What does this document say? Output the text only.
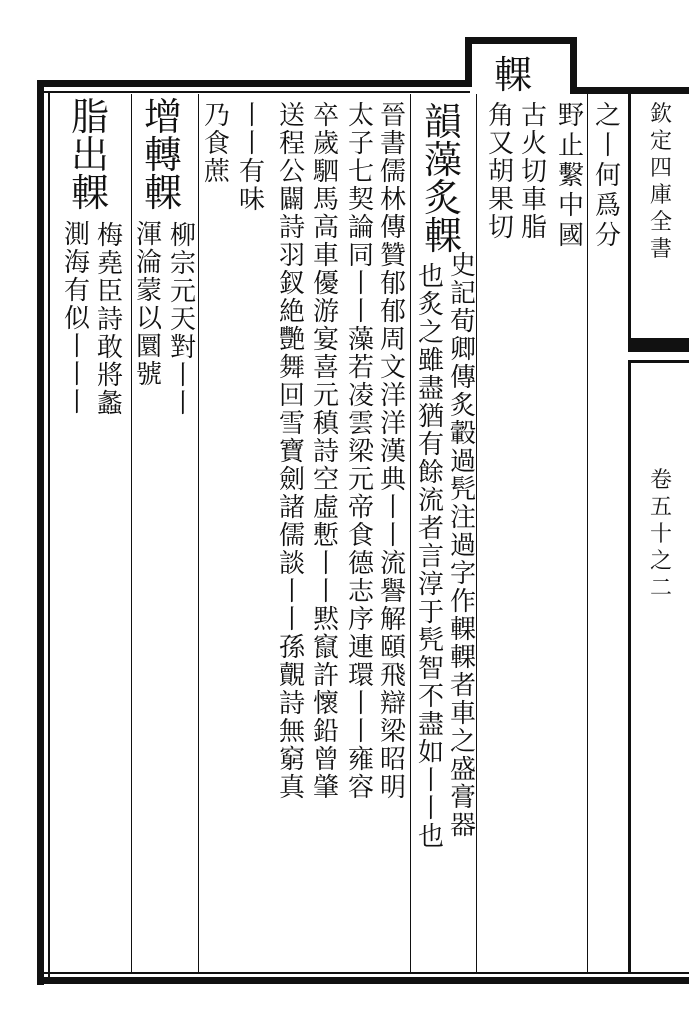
欽
定
四
庫
全
書
卷
五
十
之
二
之
丨
何
爲
分
野
止
繫
中
國
輠
古
火
切
車
脂
角
又
胡
果
切
韻
藻
炙
輠
史
記
荀
卿
傳
炙
轂
過
髠
注
過
字
作
輠
輠
者
車
之
盛
膏
器
也
炙
之
雖
盡
猶
有
餘
流
者
言
淳
于
髠
智
不
盡
如
丨
丨
也
晉
書
儒
林
傳
贊
郁
郁
周
文
洋
洋
漢
典
丨
丨
流
譽
解
頤
飛
辯
梁
昭
明
太
子
七
契
論
同
丨
丨
藻
若
凌
雲
梁
元
帝
食
德
志
序
連
環
丨
丨
雍
容
卒
歲
駟
馬
高
車
優
游
宴
喜
元
稹
詩
空
虛
慙
丨
丨
黙
竄
許
懷
鉛
曾
肇
送
程
公
闢
詩
羽
釵
絶
艷
舞
回
雪
寶
劍
諸
儒
談
丨
丨
孫
覿
詩
無
窮
真
丨
丨
有
味
乃
食
蔗
增
轉
輠
柳
宗
元
天
對
丨
丨
渾
淪
蒙
以
圜
號
脂
出
輠
梅
堯
臣
詩
敢
將
蠡
測
海
有
似
丨
丨
丨
